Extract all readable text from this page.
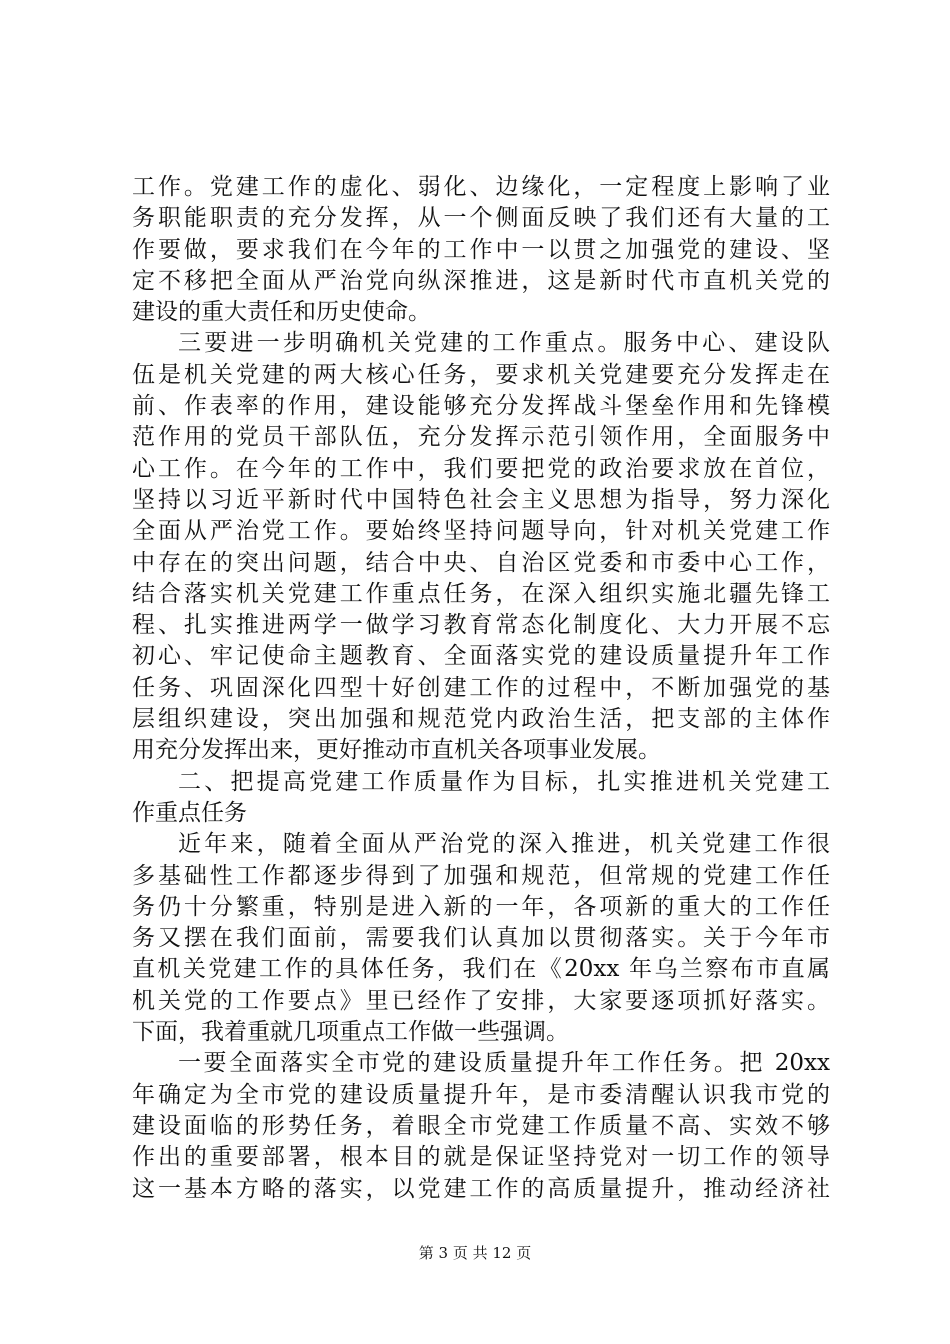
工作。党建工作的虚化、弱化、边缘化，一定程度上影响了业
务职能职责的充分发挥，从一个侧面反映了我们还有大量的工
作要做，要求我们在今年的工作中一以贯之加强党的建设、坚
定不移把全面从严治党向纵深推进，这是新时代市直机关党的
建设的重大责任和历史使命。
三要进一步明确机关党建的工作重点。服务中心、建设队
伍是机关党建的两大核心任务，要求机关党建要充分发挥走在
前、作表率的作用，建设能够充分发挥战斗堡垒作用和先锋模
范作用的党员干部队伍，充分发挥示范引领作用，全面服务中
心工作。在今年的工作中，我们要把党的政治要求放在首位，
坚持以习近平新时代中国特色社会主义思想为指导，努力深化
全面从严治党工作。要始终坚持问题导向，针对机关党建工作
中存在的突出问题，结合中央、自治区党委和市委中心工作，
结合落实机关党建工作重点任务，在深入组织实施北疆先锋工
程、扎实推进两学一做学习教育常态化制度化、大力开展不忘
初心、牢记使命主题教育、全面落实党的建设质量提升年工作
任务、巩固深化四型十好创建工作的过程中，不断加强党的基
层组织建设，突出加强和规范党内政治生活，把支部的主体作
用充分发挥出来，更好推动市直机关各项事业发展。
二、把提高党建工作质量作为目标，扎实推进机关党建工
作重点任务
近年来，随着全面从严治党的深入推进，机关党建工作很
多基础性工作都逐步得到了加强和规范，但常规的党建工作任
务仍十分繁重，特别是进入新的一年，各项新的重大的工作任
务又摆在我们面前，需要我们认真加以贯彻落实。关于今年市
直机关党建工作的具体任务，我们在《20xx 年乌兰察布市直属
机关党的工作要点》里已经作了安排，大家要逐项抓好落实。
下面，我着重就几项重点工作做一些强调。
一要全面落实全市党的建设质量提升年工作任务。把 20xx
年确定为全市党的建设质量提升年，是市委清醒认识我市党的
建设面临的形势任务，着眼全市党建工作质量不高、实效不够
作出的重要部署，根本目的就是保证坚持党对一切工作的领导
这一基本方略的落实，以党建工作的高质量提升，推动经济社
第 3 页 共 12 页
